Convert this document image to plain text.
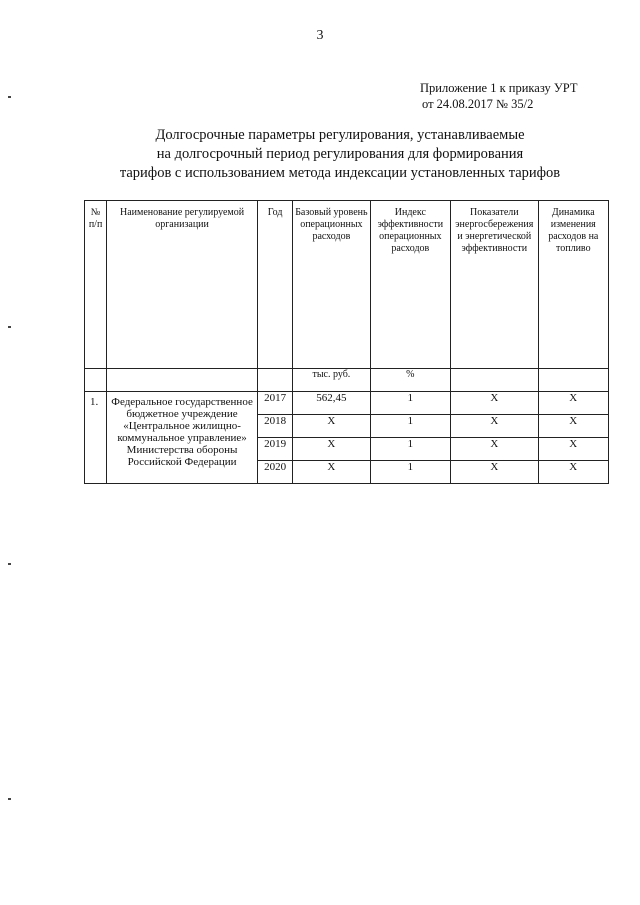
3
Приложение 1 к приказу УРТ
от 24.08.2017 № 35/2
Долгосрочные параметры регулирования, устанавливаемые
на долгосрочный период регулирования для формирования
тарифов с использованием метода индексации установленных тарифов
№ п/п	Наименование регулируемой организации	Год	Базовый уровень операционных расходов	Индекс эффективности операционных расходов	Показатели энергосбережения и энергетической эффективности	Динамика изменения расходов на топливо
			тыс. руб.	%		
1.	Федеральное государственное бюджетное учреждение «Центральное жилищно-коммунальное управление» Министерства обороны Российской Федерации	2017	562,45	1	X	X
		2018	X	1	X	X
		2019	X	1	X	X
		2020	X	1	X	X
